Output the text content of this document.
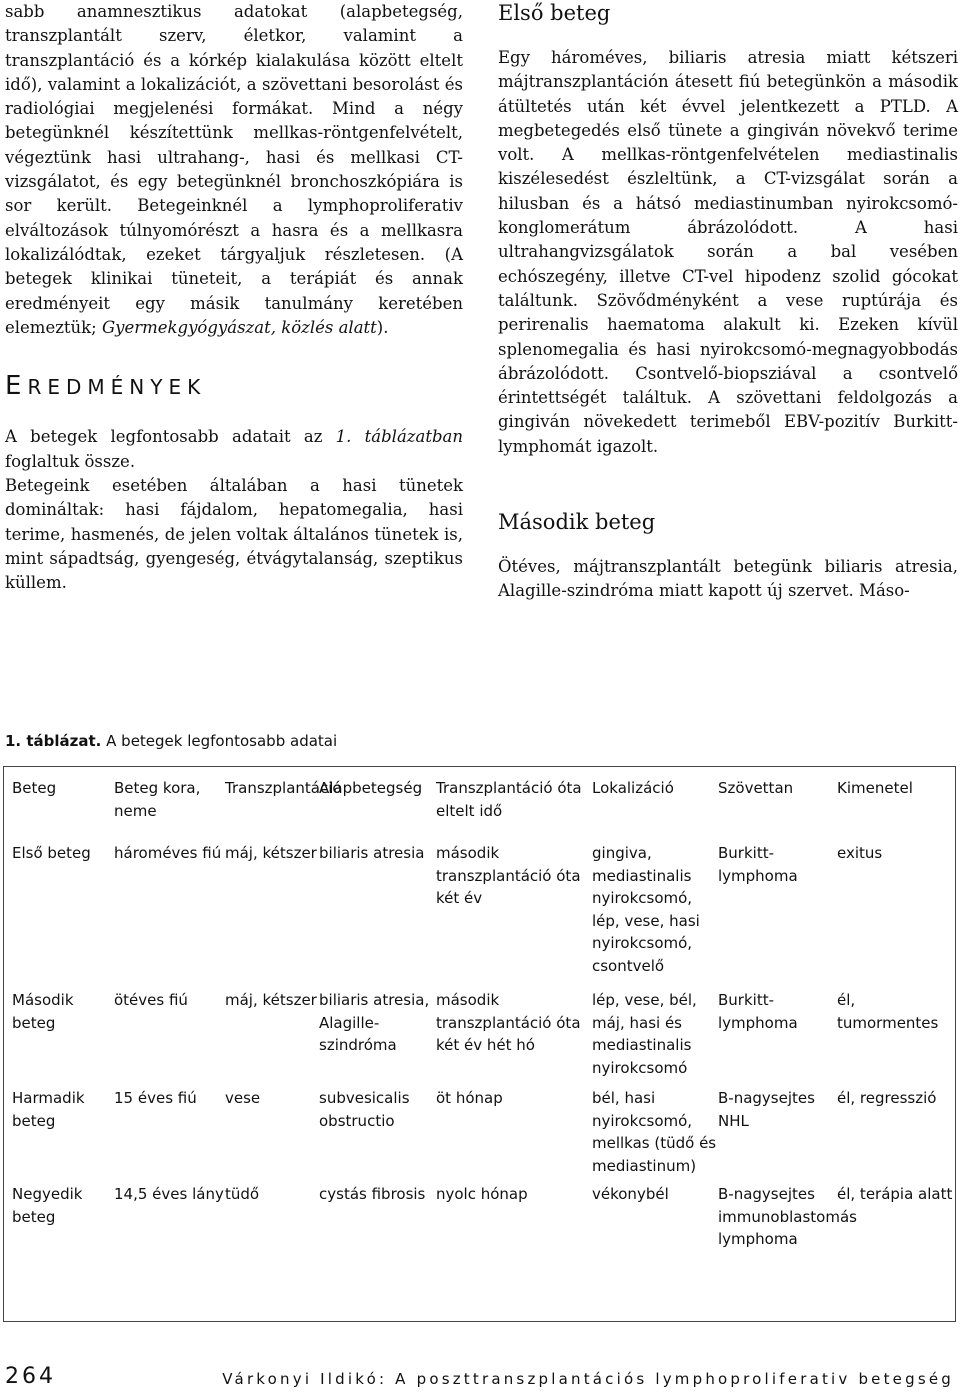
sabb anamnesztikus adatokat (alapbetegség, transzplantált szerv, életkor, valamint a transzplantáció és a kórkép kialakulása között eltelt idő), valamint a lokalizációt, a szövettani besorolást és radiológiai megjelenési formákat. Mind a négy betegünknél készítettünk mellkas-röntgenfelvételt, végeztünk hasi ultrahang-, hasi és mellkasi CT-vizsgálatot, és egy betegünknél bronchoszkópiára is sor került. Betegeinknél a lymphoproliferativ elváltozások túlnyomórészt a hasra és a mellkasra lokalizálódtak, ezeket tárgyaljuk részletesen. (A betegek klinikai tüneteit, a terápiát és annak eredményeit egy másik tanulmány keretében elemeztük; Gyermekgyógyászat, közlés alatt).

EREDMÉNYEK

A betegek legfontosabb adatait az 1. táblázatban foglaltuk össze.

Betegeink esetében általában a hasi tünetek domináltak: hasi fájdalom, hepatomegalia, hasi terime, hasmenés, de jelen voltak általános tünetek is, mint sápadtság, gyengeség, étvágytalanság, szeptikus küllem.

Első beteg

Egy hároméves, biliaris atresia miatt kétszeri májtranszplantáción átesett fiú betegünkön a második átültetés után két évvel jelentkezett a PTLD. A megbetegedés első tünete a gingiván növekvő terime volt. A mellkas-röntgenfelvételen mediastinalis kiszélesedést észleltünk, a CT-vizsgálat során a hilusban és a hátsó mediastinumban nyirokcsomó-konglomerátum ábrázolódott. A hasi ultrahangvizsgálatok során a bal vesében echószegény, illetve CT-vel hipodenz szolid gócokat találtunk. Szövődményként a vese ruptúrája és perirenalis haematoma alakult ki. Ezeken kívül splenomegalia és hasi nyirokcsomó-megnagyobbodás ábrázolódott. Csontvelő-biopsziával a csontvelő érintettségét találtuk. A szövettani feldolgozás a gingiván növekedett terimeből EBV-pozitív Burkitt-lymphomát igazolt.

Második beteg

Ötéves, májtranszplantált betegünk biliaris atresia, Alagille-szindróma miatt kapott új szervet. Máso-

1. táblázat. A betegek legfontosabb adatai
Beteg	Beteg kora, neme	Transzplantáció	Alapbetegség	Transzplantáció óta eltelt idő	Lokalizáció	Szövettan	Kimenetel
Első beteg	hároméves fiú	máj, kétszer	biliaris atresia	második transzplantáció óta két év	gingiva, mediastinalis nyirokcsomó, lép, vese, hasi nyirokcsomó, csontvelő	Burkitt-lymphoma	exitus
Második beteg	ötéves fiú	máj, kétszer	biliaris atresia, Alagille-szindróma	második transzplantáció óta két év hét hó	lép, vese, bél, máj, hasi és mediastinalis nyirokcsomó	Burkitt-lymphoma	él, tumormentes
Harmadik beteg	15 éves fiú	vese	subvesicalis obstructio	öt hónap	bél, hasi nyirokcsomó, mellkas (tüdő és mediastinum)	B-nagysejtes NHL	él, regresszió
Negyedik beteg	14,5 éves lány	tüdő	cystás fibrosis	nyolc hónap	vékonybél	B-nagysejtes immunoblastomás lymphoma	él, terápia alatt
264	Várkonyi Ildikó: A poszttranszplantációs lymphoproliferativ betegség
